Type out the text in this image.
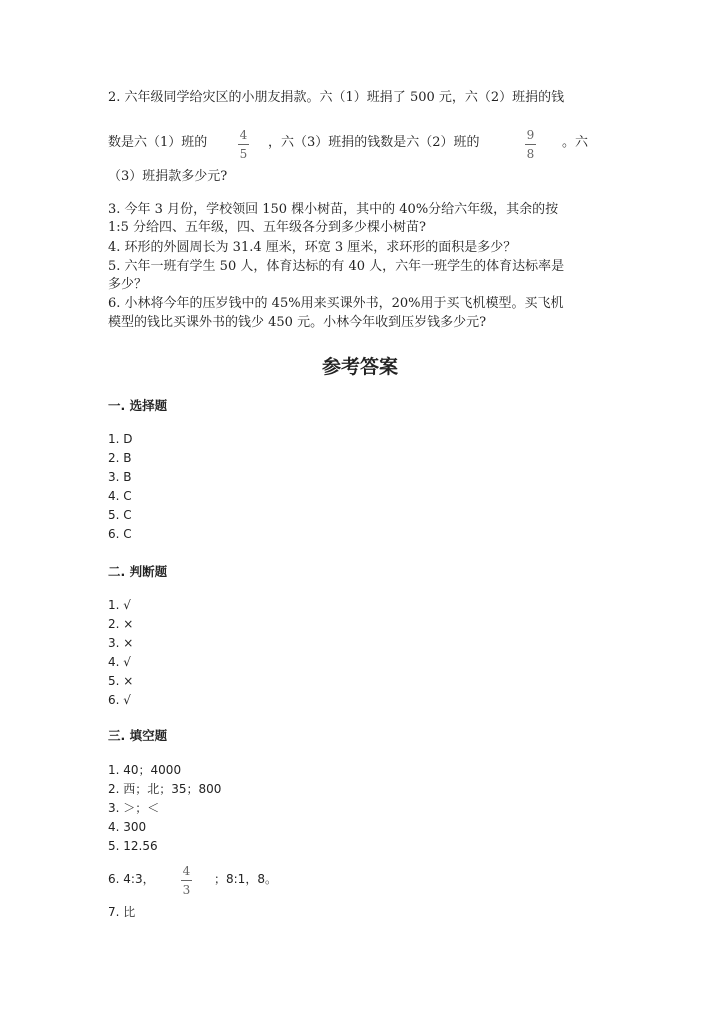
2. 六年级同学给灾区的小朋友捐款。六（1）班捐了 500 元，六（2）班捐的钱
数是六（1）班的	4
5
，六（3）班捐的钱数是六（2）班的	9
8
。六
（3）班捐款多少元?
3. 今年 3 月份，学校领回 150 棵小树苗，其中的 40%分给六年级，其余的按
1:5 分给四、五年级，四、五年级各分到多少棵小树苗?
4. 环形的外圆周长为 31.4 厘米，环宽 3 厘米，求环形的面积是多少？
5. 六年一班有学生 50 人，体育达标的有 40 人，六年一班学生的体育达标率是
多少？
6. 小林将今年的压岁钱中的 45%用来买课外书，20%用于买飞机模型。买飞机
模型的钱比买课外书的钱少 450 元。小林今年收到压岁钱多少元?
参考答案
一. 选择题
1. D
2. B
3. B
4. C
5. C
6. C
二. 判断题
1. √
2. ×
3. ×
4. √
5. ×
6. √
三. 填空题
1. 40；4000
2. 西；北；35；800
3. ＞；＜
4. 300
5. 12.56
6. 4:3，
4
3
；8:1，8。
7. 比
